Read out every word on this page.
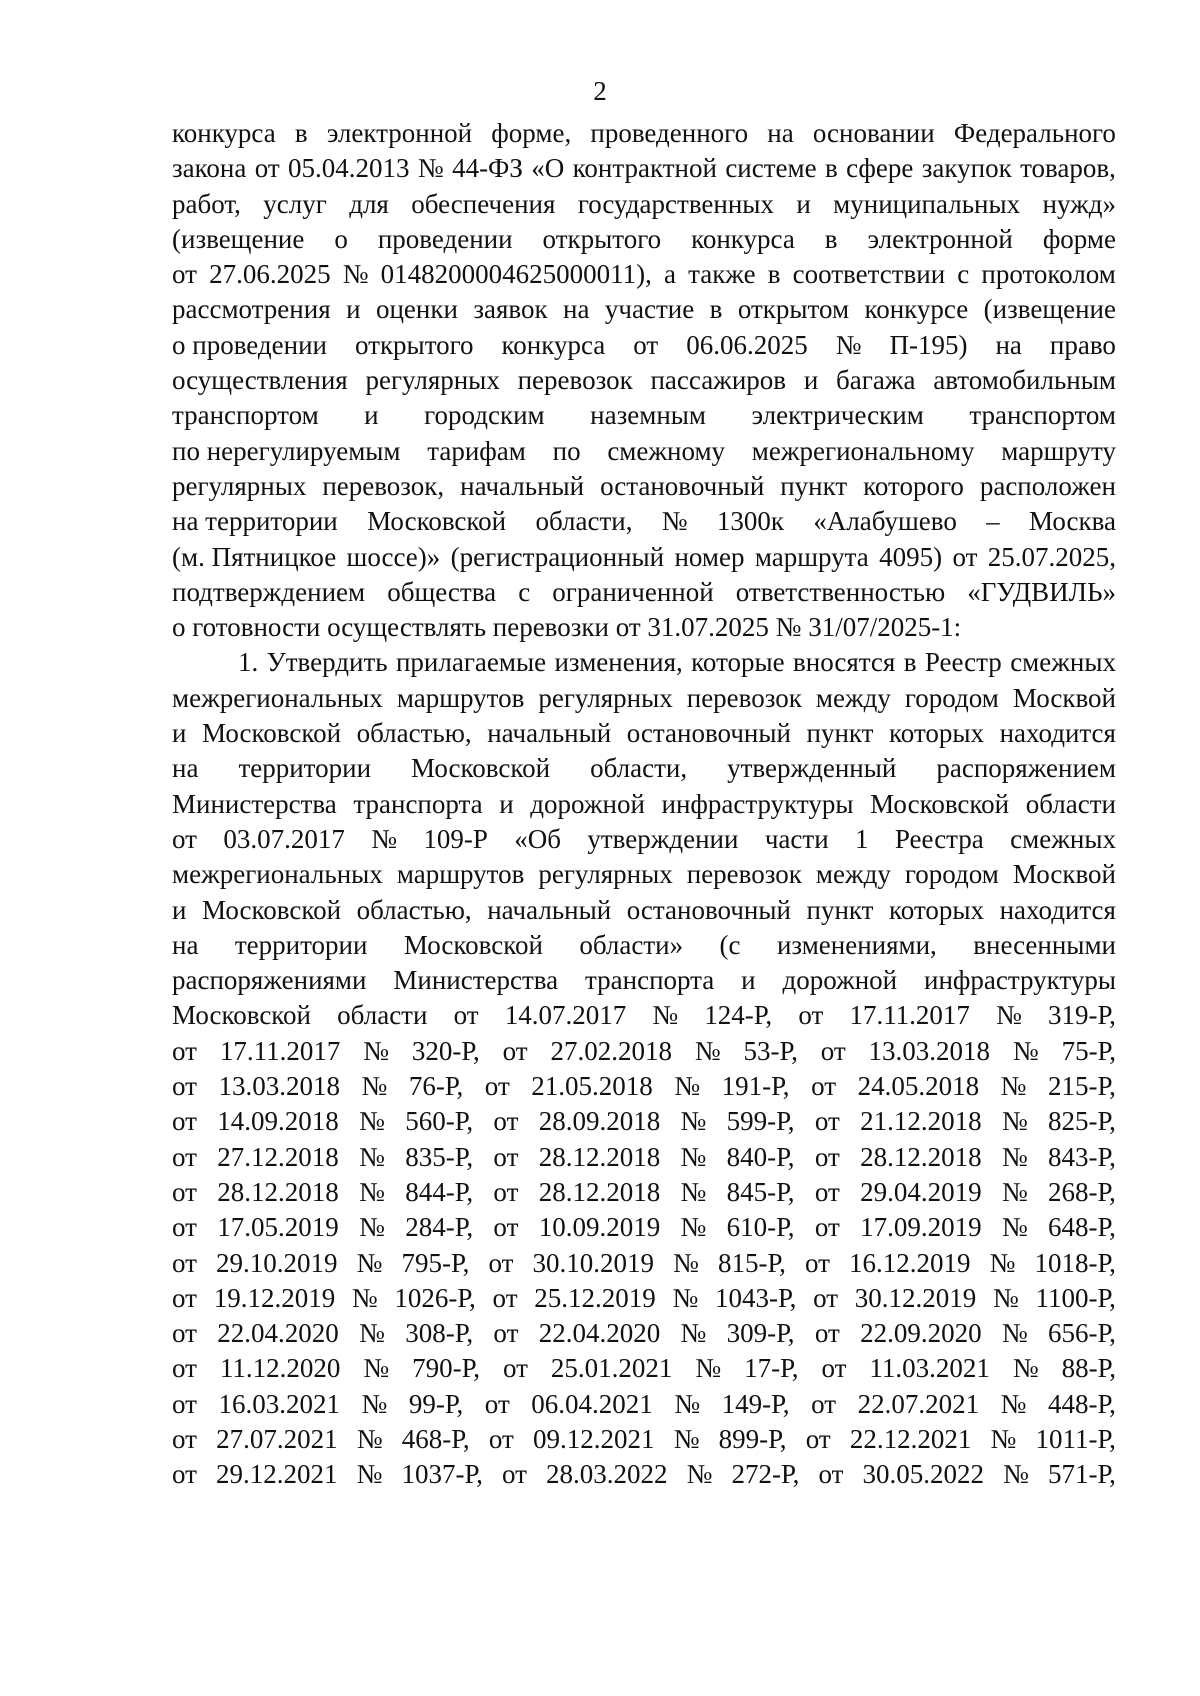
2
конкурса в электронной форме, проведенного на основании Федерального
закона от 05.04.2013 № 44-ФЗ «О контрактной системе в сфере закупок товаров,
работ, услуг для обеспечения государственных и муниципальных нужд»
(извещение о проведении открытого конкурса в электронной форме
от 27.06.2025 № 0148200004625000011), а также в соответствии с протоколом
рассмотрения и оценки заявок на участие в открытом конкурсе (извещение
о проведении открытого конкурса от 06.06.2025 № П-195) на право
осуществления регулярных перевозок пассажиров и багажа автомобильным
транспортом и городским наземным электрическим транспортом
по нерегулируемым тарифам по смежному межрегиональному маршруту
регулярных перевозок, начальный остановочный пункт которого расположен
на территории Московской области, № 1300к «Алабушево – Москва
(м. Пятницкое шоссе)» (регистрационный номер маршрута 4095) от 25.07.2025,
подтверждением общества с ограниченной ответственностью «ГУДВИЛЬ»
о готовности осуществлять перевозки от 31.07.2025 № 31/07/2025-1:
1. Утвердить прилагаемые изменения, которые вносятся в Реестр смежных
межрегиональных маршрутов регулярных перевозок между городом Москвой
и Московской областью, начальный остановочный пункт которых находится
на территории Московской области, утвержденный распоряжением
Министерства транспорта и дорожной инфраструктуры Московской области
от 03.07.2017 № 109-Р «Об утверждении части 1 Реестра смежных
межрегиональных маршрутов регулярных перевозок между городом Москвой
и Московской областью, начальный остановочный пункт которых находится
на территории Московской области» (с изменениями, внесенными
распоряжениями Министерства транспорта и дорожной инфраструктуры
Московской области от 14.07.2017 № 124-Р, от 17.11.2017 № 319-Р,
от 17.11.2017 № 320-Р, от 27.02.2018 № 53-Р, от 13.03.2018 № 75-Р,
от 13.03.2018 № 76-Р, от 21.05.2018 № 191-Р, от 24.05.2018 № 215-Р,
от 14.09.2018 № 560-Р, от 28.09.2018 № 599-Р, от 21.12.2018 № 825-Р,
от 27.12.2018 № 835-Р, от 28.12.2018 № 840-Р, от 28.12.2018 № 843-Р,
от 28.12.2018 № 844-Р, от 28.12.2018 № 845-Р, от 29.04.2019 № 268-Р,
от 17.05.2019 № 284-Р, от 10.09.2019 № 610-Р, от 17.09.2019 № 648-Р,
от 29.10.2019 № 795-Р, от 30.10.2019 № 815-Р, от 16.12.2019 № 1018-Р,
от 19.12.2019 № 1026-Р, от 25.12.2019 № 1043-Р, от 30.12.2019 № 1100-Р,
от 22.04.2020 № 308-Р, от 22.04.2020 № 309-Р, от 22.09.2020 № 656-Р,
от 11.12.2020 № 790-Р, от 25.01.2021 № 17-Р, от 11.03.2021 № 88-Р,
от 16.03.2021 № 99-Р, от 06.04.2021 № 149-Р, от 22.07.2021 № 448-Р,
от 27.07.2021 № 468-Р, от 09.12.2021 № 899-Р, от 22.12.2021 № 1011-Р,
от 29.12.2021 № 1037-Р, от 28.03.2022 № 272-Р, от 30.05.2022 № 571-Р,
